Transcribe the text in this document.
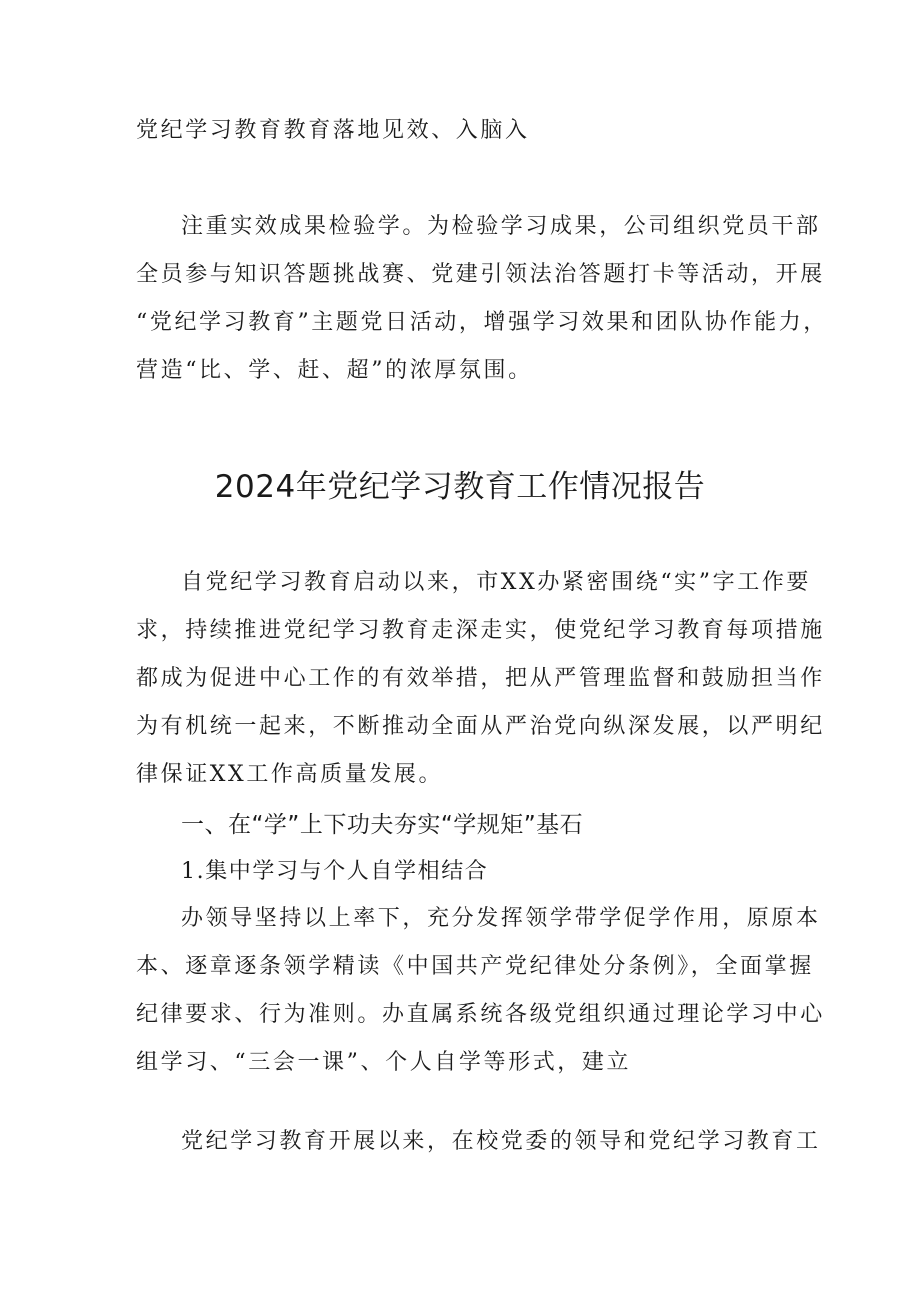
党纪学习教育教育落地见效、入脑入
注重实效成果检验学。为检验学习成果，公司组织党员干部
全员参与知识答题挑战赛、党建引领法治答题打卡等活动，开展
“党纪学习教育”主题党日活动，增强学习效果和团队协作能力，
营造“比、学、赶、超”的浓厚氛围。
2024年党纪学习教育工作情况报告
自党纪学习教育启动以来，市XX办紧密围绕“实”字工作要
求，持续推进党纪学习教育走深走实，使党纪学习教育每项措施
都成为促进中心工作的有效举措，把从严管理监督和鼓励担当作
为有机统一起来，不断推动全面从严治党向纵深发展，以严明纪
律保证XX工作高质量发展。
一、在“学”上下功夫夯实“学规矩”基石
1.集中学习与个人自学相结合
办领导坚持以上率下，充分发挥领学带学促学作用，原原本
本、逐章逐条领学精读《中国共产党纪律处分条例》，全面掌握
纪律要求、行为准则。办直属系统各级党组织通过理论学习中心
组学习、“三会一课”、个人自学等形式，建立
党纪学习教育开展以来，在校党委的领导和党纪学习教育工
